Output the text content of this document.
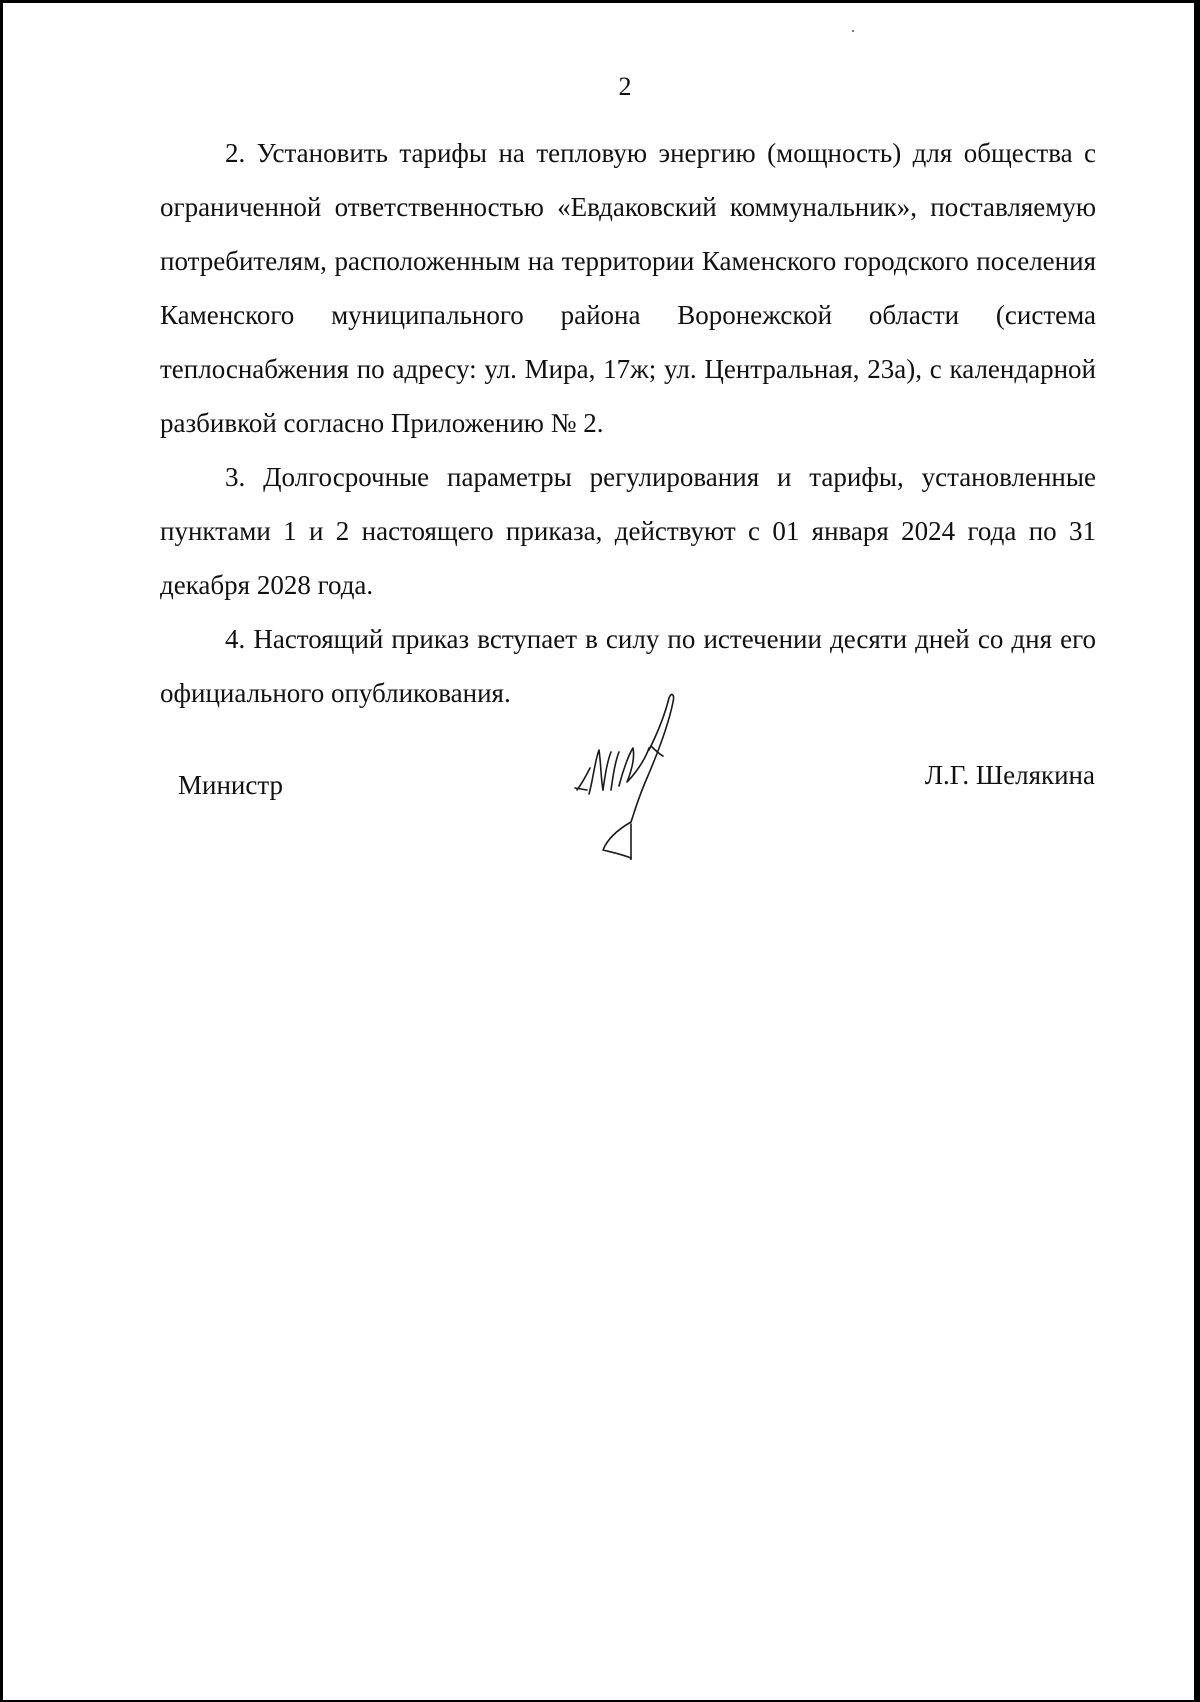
2

2. Установить тарифы на тепловую энергию (мощность) для общества с ограниченной ответственностью «Евдаковский коммунальник», поставляемую потребителям, расположенным на территории Каменского городского поселения Каменского муниципального района Воронежской области (система теплоснабжения по адресу: ул. Мира, 17ж; ул. Центральная, 23а), с календарной разбивкой согласно Приложению № 2.

3. Долгосрочные параметры регулирования и тарифы, установленные пунктами 1 и 2 настоящего приказа, действуют с 01 января 2024 года по 31 декабря 2028 года.

4. Настоящий приказ вступает в силу по истечении десяти дней со дня его официального опубликования.

Министр	Л.Г. Шелякина
